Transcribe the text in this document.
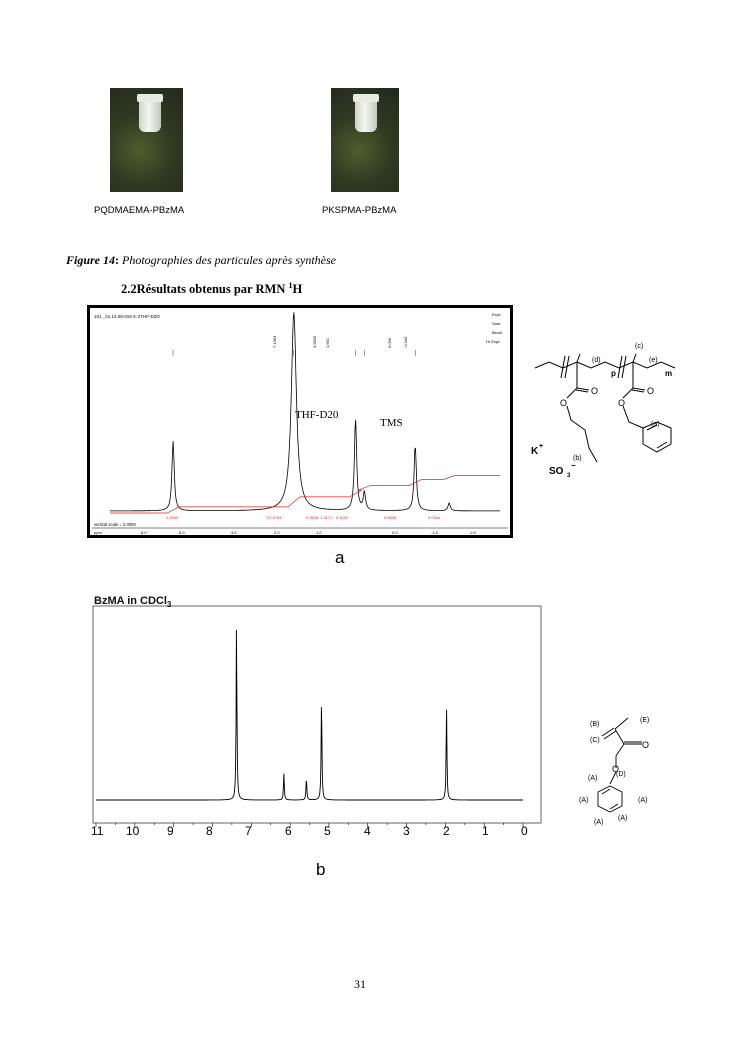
PQDMAEMA-PBzMA	PKSPMA-PBzMA
Figure 14: Photographies des particules après synthèse
2.2Résultats obtenus par RMN $^1$H
101 _01.14.06-019 in 2THF-D2O	Expt:
Sam:
Block:
Hr Expt:
7.1364	3.5820 1.691	0.036	-0.343
THF-D20
TMS
1.0000	21.4754	0.3528 1.3171 0.1032	0.0636	0.0344
vertical scale = 2.0000
ppm	8.0	6.0	4.0	2.0	1.0	0.0	-1.0	-2.0
(d)
(c)
(e)
p	m
(a)
(b)
K +
SO 3
−
O
O
O
O
a
BzMA in CDCl$_3$
11 10 9	8	7	6	5	4	3	2	1	0
(B)
(E)
(C)
(D)
(A)
(A)	(A)
(A)
(A)
O
O
b
31
